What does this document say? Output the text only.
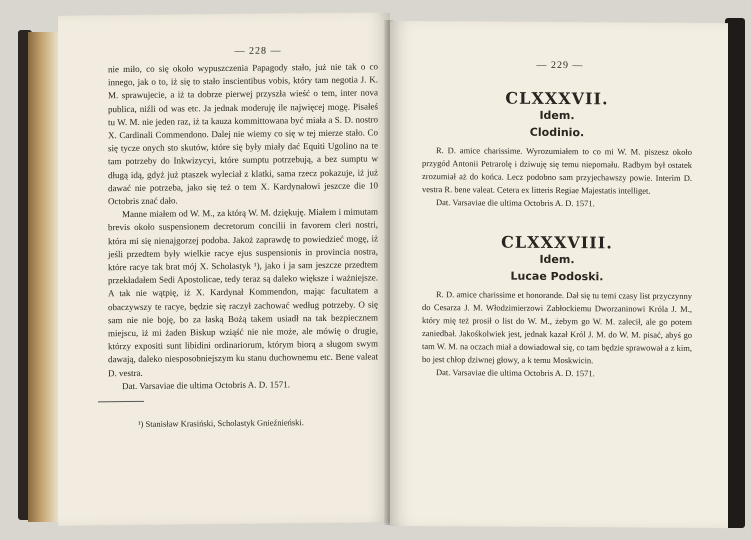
— 228 —

nie miło, co się około wypuszczenia Papagody stało, już nie tak o co innego, jak o to, iż się to stało inscientibus vobis, który tam negotia J. K. M. sprawujecie, a iż ta dobrze pierwej przyszła wieść o tem, inter nova publica, niźli od was etc. Ja jednak moderuję ile najwięcej mogę. Pisałeś tu W. M. nie jeden raz, iż ta kauza kommittowana być miała a S. D. nostro X. Cardinali Commendono. Dalej nie wiemy co się w tej mierze stało. Co się tycze onych sto skutów, które się były miały dać Equiti Ugolino na te tam potrzeby do Inkwizycyi, które sumptu potrzebują, a bez sumptu w długą idą, gdyż już ptaszek wyleciał z klatki, sama rzecz pokazuje, iż już dawać nie potrzeba, jako się też o tem X. Kardynałowi jeszcze die 10 Octobris znać dało.

Manne miałem od W. M., za którą W. M. dziękuję. Miałem i mimutam brevis około suspensionem decretorum concilii in favorem cleri nostri, która mi się nienajgorzej podoba. Jakoż zaprawdę to powiedzieć mogę, iż jeśli przedtem były wielkie racye ejus suspensionis in provincia nostra, które racye tak brat mój X. Scholastyk ¹), jako i ja sam jeszcze przedtem przekładałem Sedi Apostolicae, tedy teraz są daleko większe i ważniejsze. A tak nie wątpię, iż X. Kardynał Kommendon, mając facultatem a obaczywszy te racye, będzie się raczył zachować według potrzeby. O się sam nie nie boję, bo za łaską Bożą takem usiadł na tak bezpiecznem miejscu, iż mi żaden Biskup wziąść nie nie może, ale mówię o drugie, którzy expositi sunt libidini ordinariorum, którym biorą a sługom swym dawają, daleko niesposobniejszym ku stanu duchownemu etc. Bene valeat D. vestra.

Dat. Varsaviae die ultima Octobris A. D. 1571.

¹) Stanisław Krasiński, Scholastyk Gnieźnieński.
— 229 —
CLXXXVII.
Idem.
Clodinio.

R. D. amice charissime. Wyrozumiałem to co mi W. M. piszesz około przygód Antonii Petrarolę i dziwuję się temu niepomału. Radbym był ostatek zrozumiał aż do końca. Lecz podobno sam przyjechawszy powie. Interim D. vestra R. bene valeat. Cetera ex litteris Regiae Majestatis intelliget.

Dat. Varsaviae die ultima Octobris A. D. 1571.

CLXXXVIII.
Idem.
Lucae Podoski.

R. D. amice charissime et honorande. Dał się tu temi czasy list przyczynny do Cesarza J. M. Włodzimierzowi Zabłockiemu Dworzaninowi Króla J. M., który mię też prosił o list do W. M., żebym go W. M. zalecił, ale go potem zaniedbał. Jakośkolwiek jest, jednak kazał Król J. M. do W. M. pisać, abyś go tam W. M. na oczach miał a dowiadował się, co tam będzie sprawował a z kim, bo jest chłop dziwnej głowy, a k temu Moskwicin.

Dat. Varsaviae die ultima Octobris A. D. 1571.
